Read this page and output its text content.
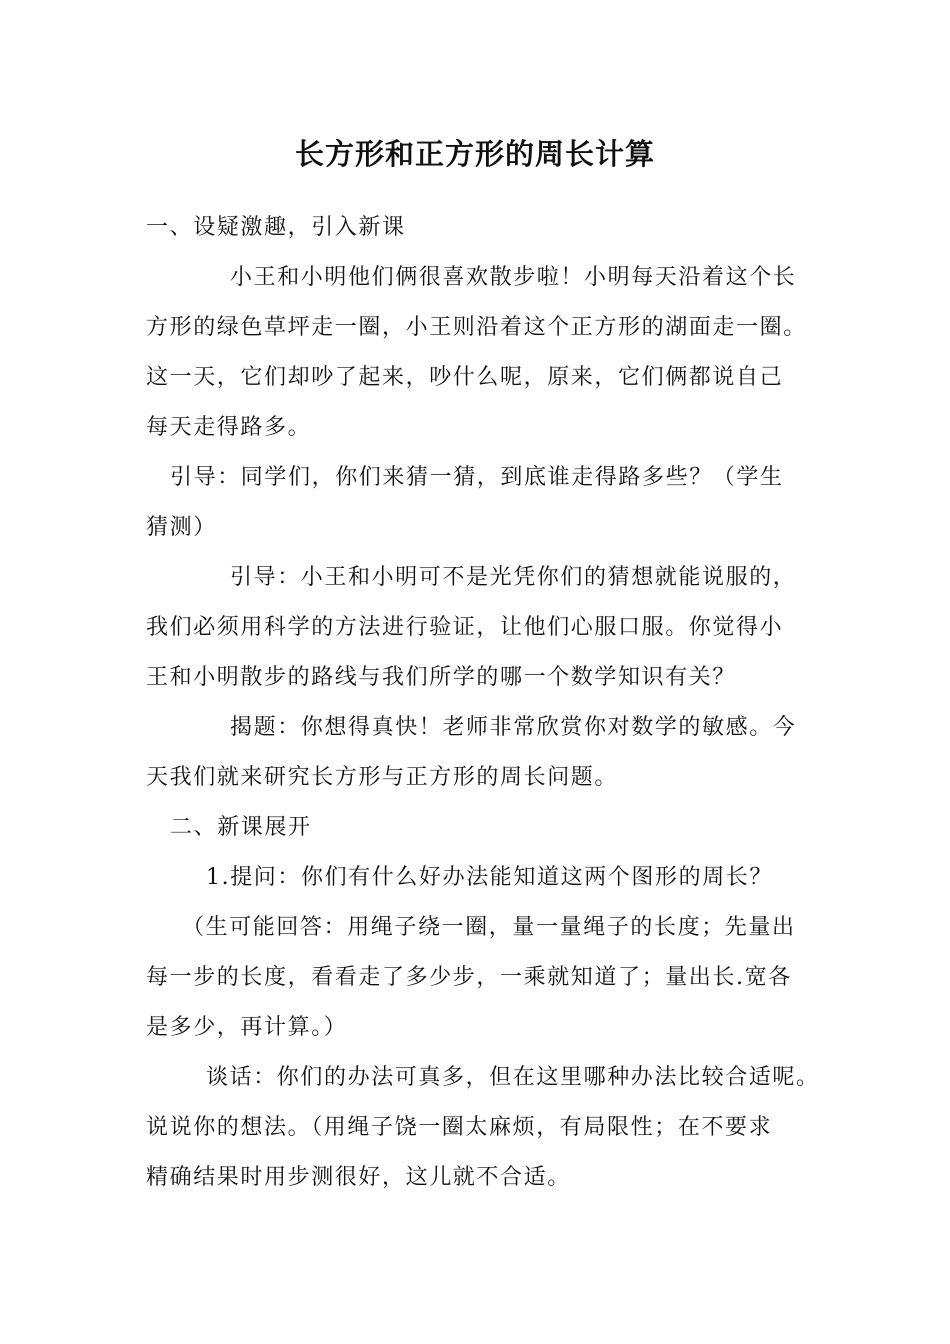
长方形和正方形的周长计算
一、设疑激趣，引入新课
小王和小明他们俩很喜欢散步啦！小明每天沿着这个长
方形的绿色草坪走一圈，小王则沿着这个正方形的湖面走一圈。
这一天，它们却吵了起来，吵什么呢，原来，它们俩都说自己
每天走得路多。
引导：同学们，你们来猜一猜，到底谁走得路多些？（学生
猜测）
引导：小王和小明可不是光凭你们的猜想就能说服的，
我们必须用科学的方法进行验证，让他们心服口服。你觉得小
王和小明散步的路线与我们所学的哪一个数学知识有关？
揭题：你想得真快！老师非常欣赏你对数学的敏感。今
天我们就来研究长方形与正方形的周长问题。
二、新课展开
1.提问：你们有什么好办法能知道这两个图形的周长？
（生可能回答：用绳子绕一圈，量一量绳子的长度；先量出
每一步的长度，看看走了多少步，一乘就知道了；量出长.宽各
是多少，再计算。）
谈话：你们的办法可真多，但在这里哪种办法比较合适呢。
说说你的想法。（用绳子饶一圈太麻烦，有局限性；在不要求
精确结果时用步测很好，这儿就不合适。
